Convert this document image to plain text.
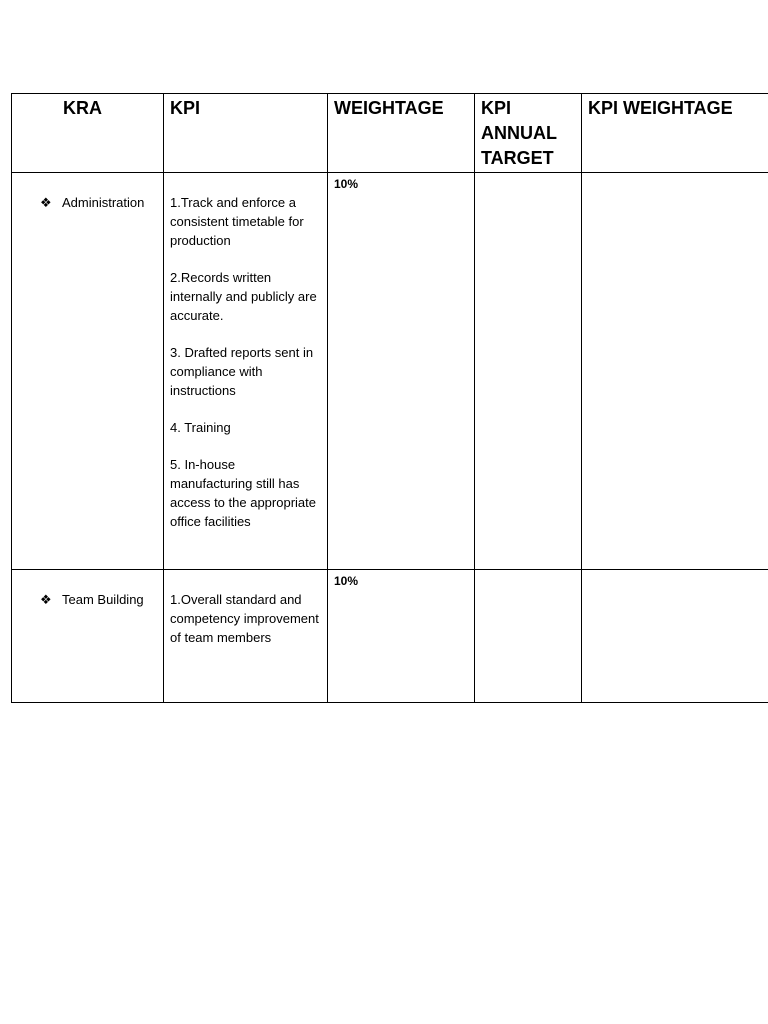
KRA	KPI	WEIGHTAGE	KPI
ANNUAL
TARGET	KPI WEIGHTAGE
❖ Administration	1.Track and enforce a consistent timetable for production
2.Records written internally and publicly are accurate.
3. Drafted reports sent in compliance with instructions
4. Training
5. In-house manufacturing still has access to the appropriate office facilities	10%		
❖ Team Building	1.Overall standard and competency improvement of team members	10%		
